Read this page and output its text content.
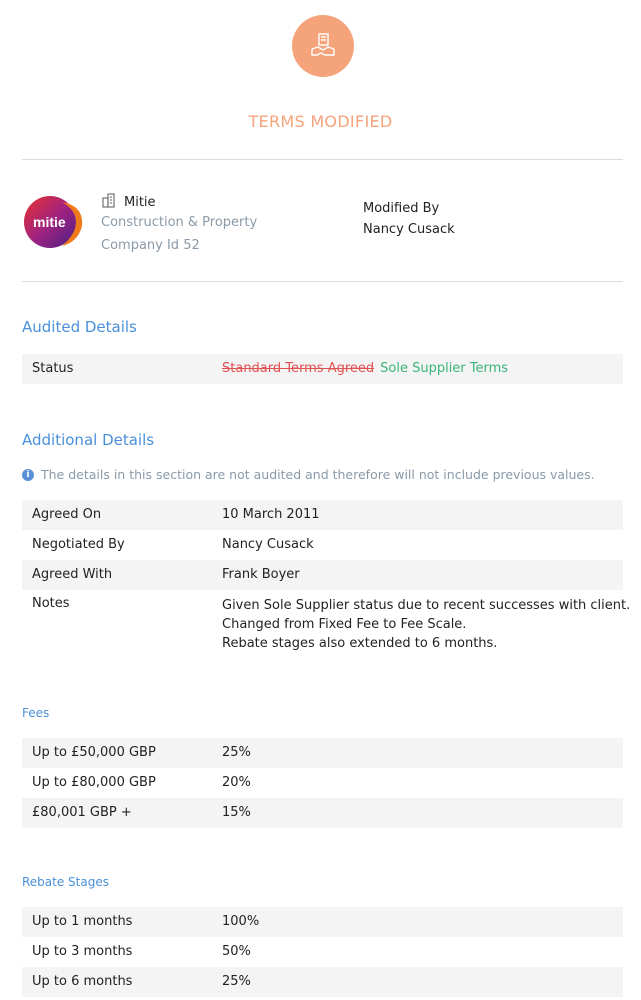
TERMS MODIFIED
mitie
Mitie
Construction & Property
Company Id 52
Modified By
Nancy Cusack
Audited Details
Status	Standard Terms Agreed Sole Supplier Terms
Additional Details
i The details in this section are not audited and therefore will not include previous values.
Agreed On	10 March 2011
Negotiated By	Nancy Cusack
Agreed With	Frank Boyer
Notes	Given Sole Supplier status due to recent successes with client.
Changed from Fixed Fee to Fee Scale.
Rebate stages also extended to 6 months.
Fees
Up to £50,000 GBP	25%
Up to £80,000 GBP	20%
£80,001 GBP +	15%
Rebate Stages
Up to 1 months	100%
Up to 3 months	50%
Up to 6 months	25%
